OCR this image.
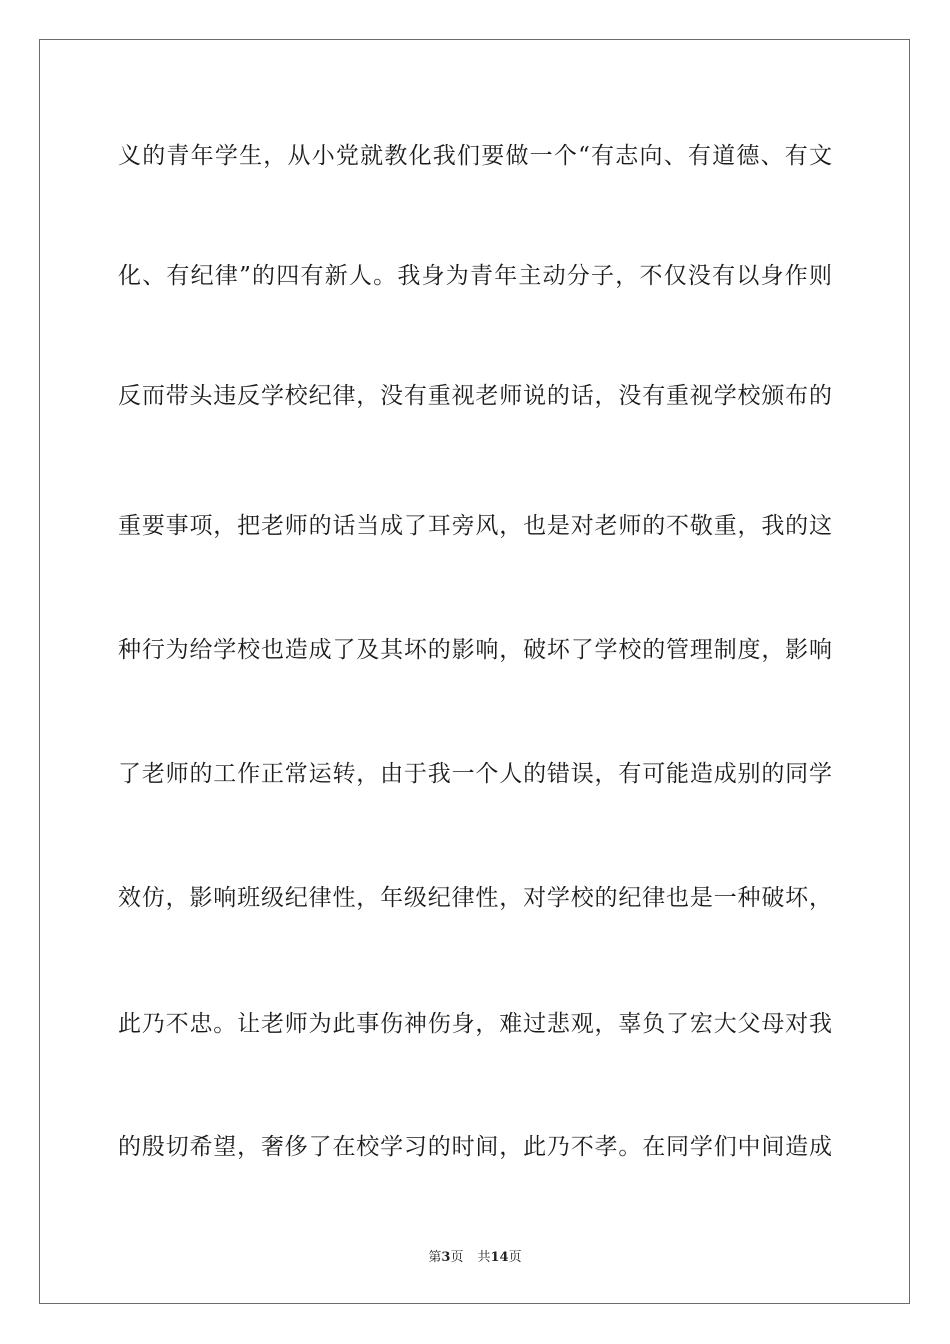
义的青年学生，从小党就教化我们要做一个“有志向、有道德、有文
化、有纪律”的四有新人。我身为青年主动分子，不仅没有以身作则
反而带头违反学校纪律，没有重视老师说的话，没有重视学校颁布的
重要事项，把老师的话当成了耳旁风，也是对老师的不敬重，我的这
种行为给学校也造成了及其坏的影响，破坏了学校的管理制度，影响
了老师的工作正常运转，由于我一个人的错误，有可能造成别的同学
效仿，影响班级纪律性，年级纪律性，对学校的纪律也是一种破坏，
此乃不忠。让老师为此事伤神伤身，难过悲观，辜负了宏大父母对我
的殷切希望，奢侈了在校学习的时间，此乃不孝。在同学们中间造成
第3页 共14页
